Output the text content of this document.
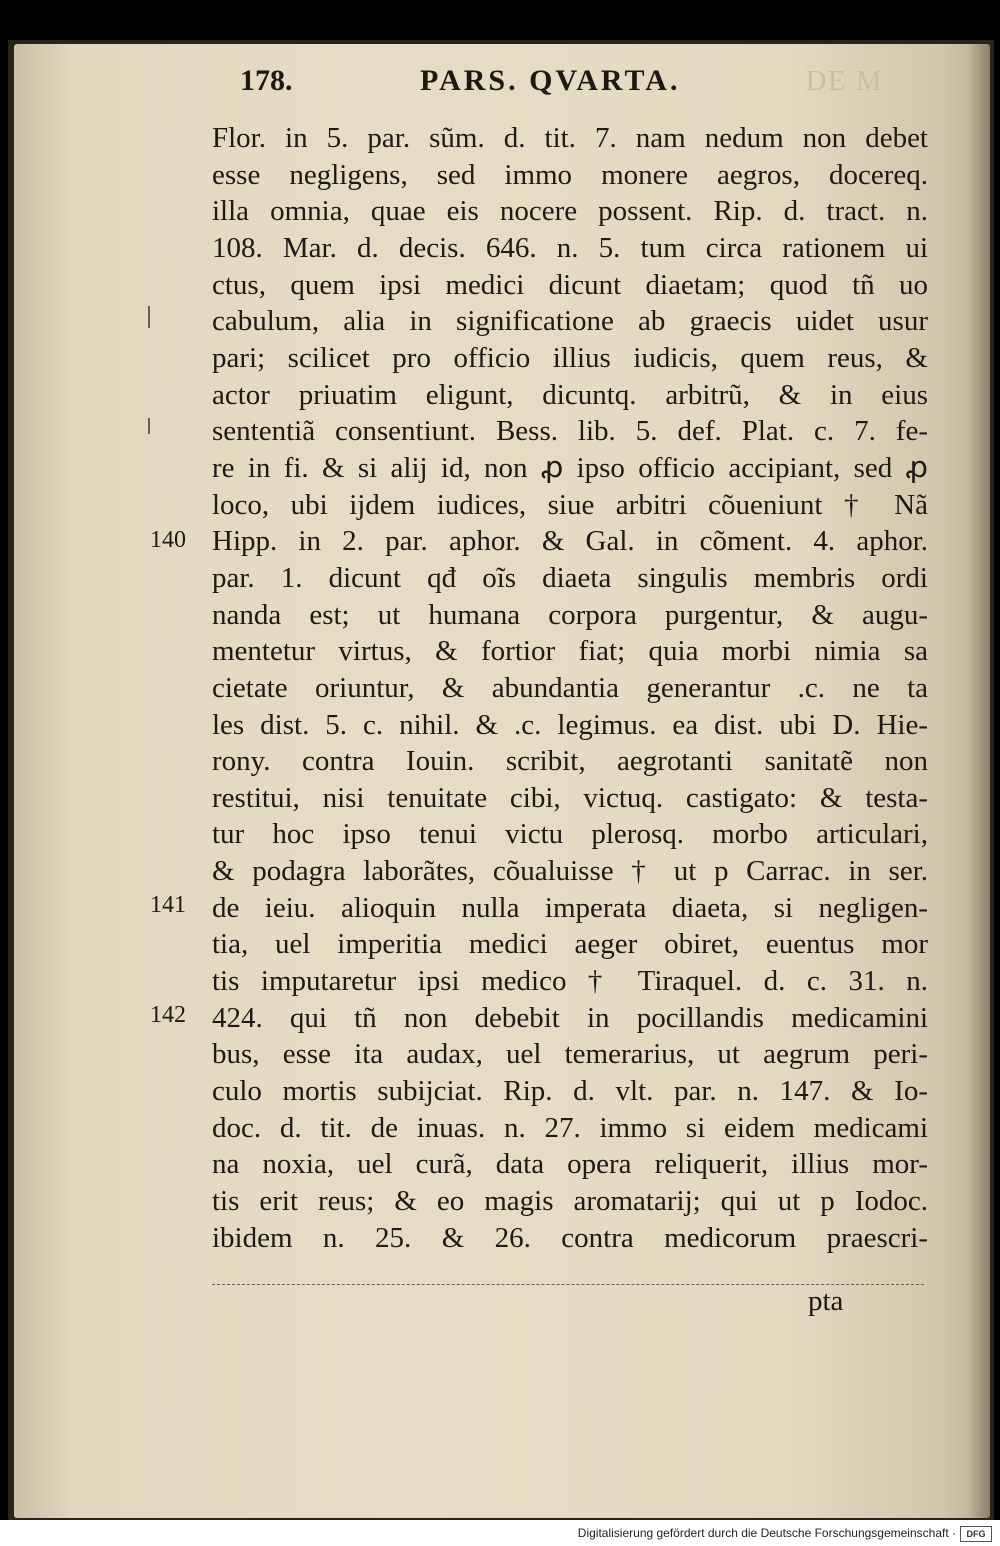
DE M
178.	PARS. QVARTA.
140
141
142
Flor. in 5. par. sũm. d. tit. 7. nam nedum non debet
esse negligens, sed immo monere aegros, docereq.
illa omnia, quae eis nocere possent. Rip. d. tract. n.
108. Mar. d. decis. 646. n. 5. tum circa rationem ui
ctus, quem ipsi medici dicunt diaetam; quod tñ uo
cabulum, alia in significatione ab graecis uidet usur
pari; scilicet pro officio illius iudicis, quem reus, &
actor priuatim eligunt, dicuntq. arbitrũ, & in eius
sententiã consentiunt. Bess. lib. 5. def. Plat. c. 7. fe-
re in fi. & si alij id, non ꝓ ipso officio accipiant, sed ꝓ
loco, ubi ijdem iudices, siue arbitri cõueniunt † Nã
Hipp. in 2. par. aphor. & Gal. in cõment. 4. aphor.
par. 1. dicunt qđ oĩs diaeta singulis membris ordi
nanda est; ut humana corpora purgentur, & augu-
mentetur virtus, & fortior fiat; quia morbi nimia sa
cietate oriuntur, & abundantia generantur .c. ne ta
les dist. 5. c. nihil. & .c. legimus. ea dist. ubi D. Hie-
rony. contra Iouin. scribit, aegrotanti sanitatẽ non
restitui, nisi tenuitate cibi, victuq. castigato: & testa-
tur hoc ipso tenui victu plerosq. morbo articulari,
& podagra laborãtes, cõualuisse † ut p Carrac. in ser.
de ieiu. alioquin nulla imperata diaeta, si negligen-
tia, uel imperitia medici aeger obiret, euentus mor
tis imputaretur ipsi medico † Tiraquel. d. c. 31. n.
424. qui tñ non debebit in pocillandis medicamini
bus, esse ita audax, uel temerarius, ut aegrum peri-
culo mortis subijciat. Rip. d. vlt. par. n. 147. & Io-
doc. d. tit. de inuas. n. 27. immo si eidem medicami
na noxia, uel curã, data opera reliquerit, illius mor-
tis erit reus; & eo magis aromatarij; qui ut p Iodoc.
ibidem n. 25. & 26. contra medicorum praescri-
pta
Digitalisierung gefördert durch die Deutsche Forschungsgemeinschaft ·	DFG
